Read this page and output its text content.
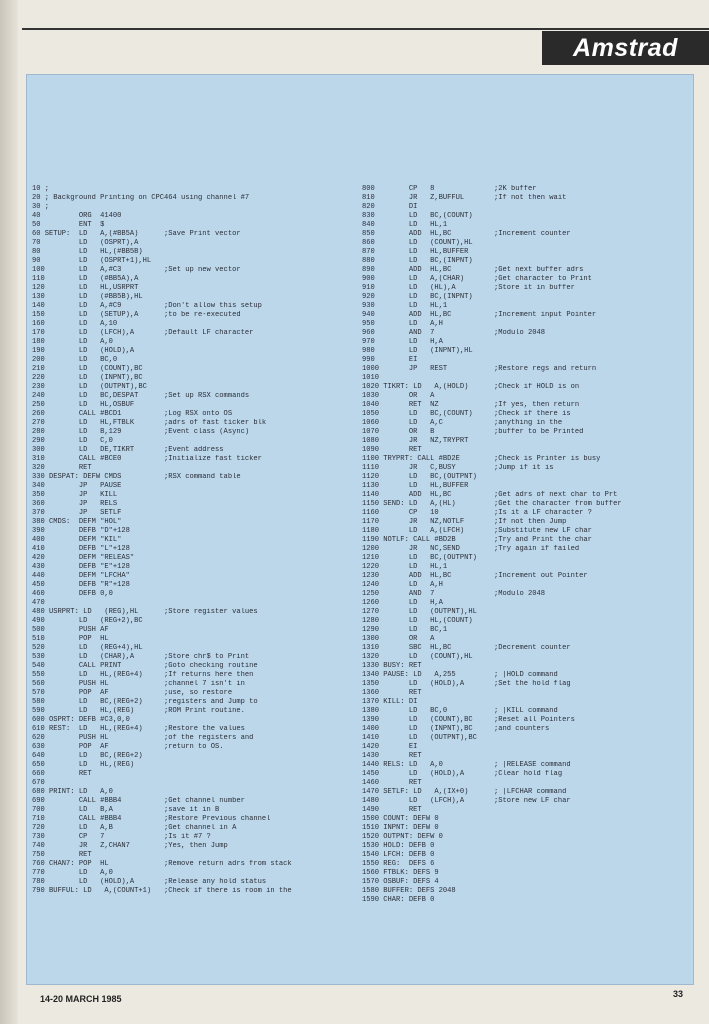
Amstrad
10 ;
20 ; Background Printing on CPC464 using channel #7
30 ;
40         ORG  41400
50         ENT  $
60 SETUP:  LD   A,(#BB5A)      ;Save Print vector
70         LD   (OSPRT),A
80         LD   HL,(#BB5B)
90         LD   (OSPRT+1),HL
100        LD   A,#C3          ;Set up new vector
110        LD   (#BB5A),A
120        LD   HL,USRPRT
130        LD   (#BB5B),HL
140        LD   A,#C9          ;Don't allow this setup
150        LD   (SETUP),A      ;to be re-executed
160        LD   A,10
170        LD   (LFCH),A       ;Default LF character
180        LD   A,0
190        LD   (HOLD),A
200        LD   BC,0
210        LD   (COUNT),BC
220        LD   (INPNT),BC
230        LD   (OUTPNT),BC
240        LD   BC,DESPAT      ;Set up RSX commands
250        LD   HL,OSBUF
260        CALL #BCD1          ;Log RSX onto OS
270        LD   HL,FTBLK       ;adrs of fast ticker blk
280        LD   B,129          ;Event class (Async)
290        LD   C,0
300        LD   DE,TIKRT       ;Event address
310        CALL #BCE0          ;Initialize fast ticker
320        RET
330 DESPAT: DEFW CMDS          ;RSX command table
340        JP   PAUSE
350        JP   KILL
360        JP   RELS
370        JP   SETLF
380 CMDS:  DEFM "HOL"
390        DEFB "D"+128
400        DEFM "KIL"
410        DEFB "L"+128
420        DEFM "RELEAS"
430        DEFB "E"+128
440        DEFM "LFCHA"
450        DEFB "R"+128
460        DEFB 0,0
470
480 USRPRT: LD   (REG),HL      ;Store register values
490        LD   (REG+2),BC
500        PUSH AF
510        POP  HL
520        LD   (REG+4),HL
530        LD   (CHAR),A       ;Store chr$ to Print
540        CALL PRINT          ;Goto checking routine
550        LD   HL,(REG+4)     ;If returns here then
560        PUSH HL             ;channel 7 isn't in
570        POP  AF             ;use, so restore
580        LD   BC,(REG+2)     ;registers and Jump to
590        LD   HL,(REG)       ;ROM Print routine.
600 OSPRT: DEFB #C3,0,0
610 REST:  LD   HL,(REG+4)     ;Restore the values
620        PUSH HL             ;of the registers and
630        POP  AF             ;return to OS.
640        LD   BC,(REG+2)
650        LD   HL,(REG)
660        RET
670
680 PRINT: LD   A,0
690        CALL #BBB4          ;Get channel number
700        LD   B,A            ;save it in B
710        CALL #BBB4          ;Restore Previous channel
720        LD   A,B            ;Get channel in A
730        CP   7              ;Is it #7 ?
740        JR   Z,CHAN7        ;Yes, then Jump
750        RET
760 CHAN7: POP  HL             ;Remove return adrs from stack
770        LD   A,0
780        LD   (HOLD),A       ;Release any hold status
790 BUFFUL: LD   A,(COUNT+1)   ;Check if there is room in the
800        CP   8              ;2K buffer
810        JR   Z,BUFFUL       ;If not then wait
820        DI
830        LD   BC,(COUNT)
840        LD   HL,1
850        ADD  HL,BC          ;Increment counter
860        LD   (COUNT),HL
870        LD   HL,BUFFER
880        LD   BC,(INPNT)
890        ADD  HL,BC          ;Get next buffer adrs
900        LD   A,(CHAR)       ;Get character to Print
910        LD   (HL),A         ;Store it in buffer
920        LD   BC,(INPNT)
930        LD   HL,1
940        ADD  HL,BC          ;Increment input Pointer
950        LD   A,H
960        AND  7              ;Modulo 2048
970        LD   H,A
980        LD   (INPNT),HL
990        EI
1000       JP   REST           ;Restore regs and return
1010
1020 TIKRT: LD   A,(HOLD)      ;Check if HOLD is on
1030       OR   A
1040       RET  NZ             ;If yes, then return
1050       LD   BC,(COUNT)     ;Check if there is
1060       LD   A,C            ;anything in the
1070       OR   B              ;buffer to be Printed
1080       JR   NZ,TRYPRT
1090       RET
1100 TRYPRT: CALL #BD2E        ;Check is Printer is busy
1110       JR   C,BUSY         ;Jump if it is
1120       LD   BC,(OUTPNT)
1130       LD   HL,BUFFER
1140       ADD  HL,BC          ;Get adrs of next char to Prt
1150 SEND: LD   A,(HL)         ;Get the character from buffer
1160       CP   10             ;Is it a LF character ?
1170       JR   NZ,NOTLF       ;If not then Jump
1180       LD   A,(LFCH)       ;Substitute new LF char
1190 NOTLF: CALL #BD2B         ;Try and Print the char
1200       JR   NC,SEND        ;Try again if failed
1210       LD   BC,(OUTPNT)
1220       LD   HL,1
1230       ADD  HL,BC          ;Increment out Pointer
1240       LD   A,H
1250       AND  7              ;Modulo 2048
1260       LD   H,A
1270       LD   (OUTPNT),HL
1280       LD   HL,(COUNT)
1290       LD   BC,1
1300       OR   A
1310       SBC  HL,BC          ;Decrement counter
1320       LD   (COUNT),HL
1330 BUSY: RET
1340 PAUSE: LD   A,255         ; |HOLD command
1350       LD   (HOLD),A       ;Set the hold flag
1360       RET
1370 KILL: DI
1380       LD   BC,0           ; |KILL command
1390       LD   (COUNT),BC     ;Reset all Pointers
1400       LD   (INPNT),BC     ;and counters
1410       LD   (OUTPNT),BC
1420       EI
1430       RET
1440 RELS: LD   A,0            ; |RELEASE command
1450       LD   (HOLD),A       ;Clear hold flag
1460       RET
1470 SETLF: LD   A,(IX+0)      ; |LFCHAR command
1480       LD   (LFCH),A       ;Store new LF char
1490       RET
1500 COUNT: DEFW 0
1510 INPNT: DEFW 0
1520 OUTPNT: DEFW 0
1530 HOLD: DEFB 0
1540 LFCH: DEFB 0
1550 REG:  DEFS 6
1560 FTBLK: DEFS 9
1570 OSBUF: DEFS 4
1580 BUFFER: DEFS 2048
1590 CHAR: DEFB 0
14-20 MARCH 1985	33
